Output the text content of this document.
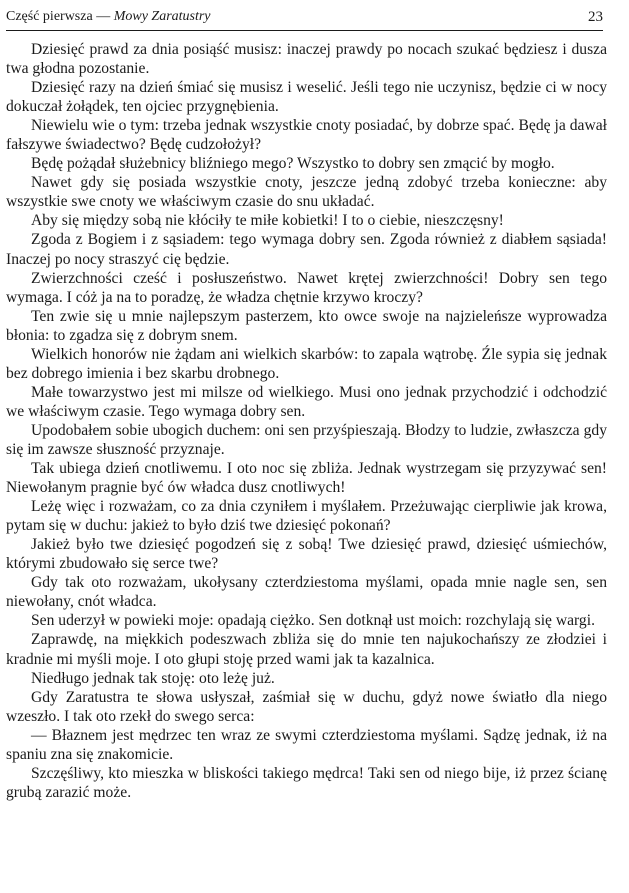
Część pierwsza — Mowy Zaratustry	23

Dziesięć prawd za dnia posiąść musisz: inaczej prawdy po nocach szukać będziesz i dusza twa głodna pozostanie.

Dziesięć razy na dzień śmiać się musisz i weselić. Jeśli tego nie uczynisz, będzie ci w nocy dokuczał żołądek, ten ojciec przygnębienia.

Niewielu wie o tym: trzeba jednak wszystkie cnoty posiadać, by dobrze spać. Będę ja dawał fałszywe świadectwo? Będę cudzołożył?

Będę pożądał służebnicy bliźniego mego? Wszystko to dobry sen zmącić by mogło.

Nawet gdy się posiada wszystkie cnoty, jeszcze jedną zdobyć trzeba konieczne: aby wszystkie swe cnoty we właściwym czasie do snu układać.

Aby się między sobą nie kłóciły te miłe kobietki! I to o ciebie, nieszczęsny!

Zgoda z Bogiem i z sąsiadem: tego wymaga dobry sen. Zgoda również z diabłem sąsiada! Inaczej po nocy straszyć cię będzie.

Zwierzchności cześć i posłuszeństwo. Nawet krętej zwierzchności! Dobry sen tego wymaga. I cóż ja na to poradzę, że władza chętnie krzywo kroczy?

Ten zwie się u mnie najlepszym pasterzem, kto owce swoje na najzieleńsze wyprowadza błonia: to zgadza się z dobrym snem.

Wielkich honorów nie żądam ani wielkich skarbów: to zapala wątrobę. Źle sypia się jednak bez dobrego imienia i bez skarbu drobnego.

Małe towarzystwo jest mi milsze od wielkiego. Musi ono jednak przychodzić i odchodzić we właściwym czasie. Tego wymaga dobry sen.

Upodobałem sobie ubogich duchem: oni sen przyśpieszają. Błodzy to ludzie, zwłaszcza gdy się im zawsze słuszność przyznaje.

Tak ubiega dzień cnotliwemu. I oto noc się zbliża. Jednak wystrzegam się przyzywać sen! Niewołanym pragnie być ów władca dusz cnotliwych!

Leżę więc i rozważam, co za dnia czyniłem i myślałem. Przeżuwając cierpliwie jak krowa, pytam się w duchu: jakież to było dziś twe dziesięć pokonań?

Jakież było twe dziesięć pogodzeń się z sobą! Twe dziesięć prawd, dziesięć uśmiechów, którymi zbudowało się serce twe?

Gdy tak oto rozważam, ukołysany czterdziestoma myślami, opada mnie nagle sen, sen niewołany, cnót władca.

Sen uderzył w powieki moje: opadają ciężko. Sen dotknął ust moich: rozchylają się wargi.

Zaprawdę, na miękkich podeszwach zbliża się do mnie ten najukochańszy ze złodziei i kradnie mi myśli moje. I oto głupi stoję przed wami jak ta kazalnica.

Niedługo jednak tak stoję: oto leżę już.

Gdy Zaratustra te słowa usłyszał, zaśmiał się w duchu, gdyż nowe światło dla niego wzeszło. I tak oto rzekł do swego serca:

— Błaznem jest mędrzec ten wraz ze swymi czterdziestoma myślami. Sądzę jednak, iż na spaniu zna się znakomicie.

Szczęśliwy, kto mieszka w bliskości takiego mędrca! Taki sen od niego bije, iż przez ścianę grubą zarazić może.
